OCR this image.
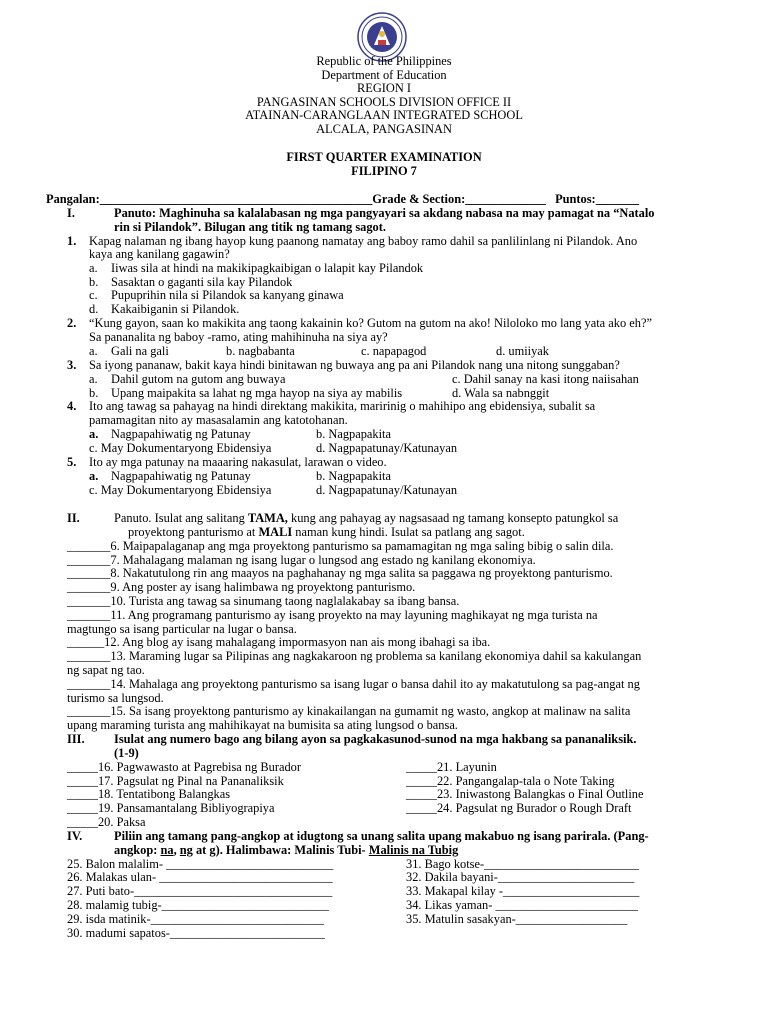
Republic of the Philippines
Department of Education
REGION I
PANGASINAN SCHOOLS DIVISION OFFICE II
ATAINAN-CARANGLAAN INTEGRATED SCHOOL
ALCALA, PANGASINAN
FIRST QUARTER EXAMINATION
FILIPINO 7
Pangalan:____________________________________________Grade & Section:_____________ Puntos:_______
I.	Panuto: Maghinuha sa kalalabasan ng mga pangyayari sa akdang nabasa na may pamagat na “Natalo
rin si Pilandok”. Bilugan ang titik ng tamang sagot.
1. Kapag nalaman ng ibang hayop kung paanong namatay ang baboy ramo dahil sa panlilinlang ni Pilandok. Ano
kaya ang kanilang gagawin?
a. Iiwas sila at hindi na makikipagkaibigan o lalapit kay Pilandok
b. Sasaktan o gaganti sila kay Pilandok
c. Pupuprihin nila si Pilandok sa kanyang ginawa
d. Kakaibiganin si Pilandok.
2. “Kung gayon, saan ko makikita ang taong kakainin ko? Gutom na gutom na ako! Niloloko mo lang yata ako eh?”
Sa pananalita ng baboy -ramo, ating mahihinuha na siya ay?
a. Gali na gali	b. nagbabanta	c. napapagod	d. umiiyak
3. Sa iyong pananaw, bakit kaya hindi binitawan ng buwaya ang pa ani Pilandok nang una nitong sunggaban?
a. Dahil gutom na gutom ang buwaya	c. Dahil sanay na kasi itong naiisahan
b. Upang maipakita sa lahat ng mga hayop na siya ay mabilis	d. Wala sa nabnggit
4. Ito ang tawag sa pahayag na hindi direktang makikita, maririnig o mahihipo ang ebidensiya, subalit sa
pamamagitan nito ay masasalamin ang katotohanan.
a. Nagpapahiwatig ng Patunay	b. Nagpapakita
c. May Dokumentaryong Ebidensiya	d. Nagpapatunay/Katunayan
5. Ito ay mga patunay na maaaring nakasulat, larawan o video.
a. Nagpapahiwatig ng Patunay	b. Nagpapakita
c. May Dokumentaryong Ebidensiya	d. Nagpapatunay/Katunayan
II.	Panuto. Isulat ang salitang TAMA, kung ang pahayag ay nagsasaad ng tamang konsepto patungkol sa
proyektong panturismo at MALI naman kung hindi. Isulat sa patlang ang sagot.
_______6. Maipapalaganap ang mga proyektong panturismo sa pamamagitan ng mga saling bibig o salin dila.
_______7. Mahalagang malaman ng isang lugar o lungsod ang estado ng kanilang ekonomiya.
_______8. Nakatutulong rin ang maayos na paghahanay ng mga salita sa paggawa ng proyektong panturismo.
_______9. Ang poster ay isang halimbawa ng proyektong panturismo.
_______10. Turista ang tawag sa sinumang taong naglalakabay sa ibang bansa.
_______11. Ang programang panturismo ay isang proyekto na may layuning maghikayat ng mga turista na
magtungo sa isang particular na lugar o bansa.
______12. Ang blog ay isang mahalagang impormasyon nan ais mong ibahagi sa iba.
_______13. Maraming lugar sa Pilipinas ang nagkakaroon ng problema sa kanilang ekonomiya dahil sa kakulangan
ng sapat ng tao.
_______14. Mahalaga ang proyektong panturismo sa isang lugar o bansa dahil ito ay makatutulong sa pag-angat ng
turismo sa lungsod.
_______15. Sa isang proyektong panturismo ay kinakailangan na gumamit ng wasto, angkop at malinaw na salita
upang maraming turista ang mahihikayat na bumisita sa ating lungsod o bansa.
III. Isulat ang numero bago ang bilang ayon sa pagkakasunod-sunod na mga hakbang sa pananaliksik.
(1-9)
_____16. Pagwawasto at Pagrebisa ng Burador
_____17. Pagsulat ng Pinal na Pananaliksik
_____18. Tentatibong Balangkas
_____19. Pansamantalang Bibliyograpiya
_____20. Paksa
_____21. Layunin
_____22. Pangangalap-tala o Note Taking
_____23. Iniwastong Balangkas o Final Outline
_____24. Pagsulat ng Burador o Rough Draft
IV.	Piliin ang tamang pang-angkop at idugtong sa unang salita upang makabuo ng isang parirala. (Pang-
angkop: na, ng at g). Halimbawa: Malinis Tubi- Malinis na Tubig
25. Balon malalim- ___________________________
26. Malakas ulan- ____________________________
27. Puti bato-________________________________
28. malamig tubig-___________________________
29. isda matinik-____________________________
30. madumi sapatos-_________________________
31. Bago kotse-_________________________
32. Dakila bayani-______________________
33. Makapal kilay -______________________
34. Likas yaman- _______________________
35. Matulin sasakyan-__________________
